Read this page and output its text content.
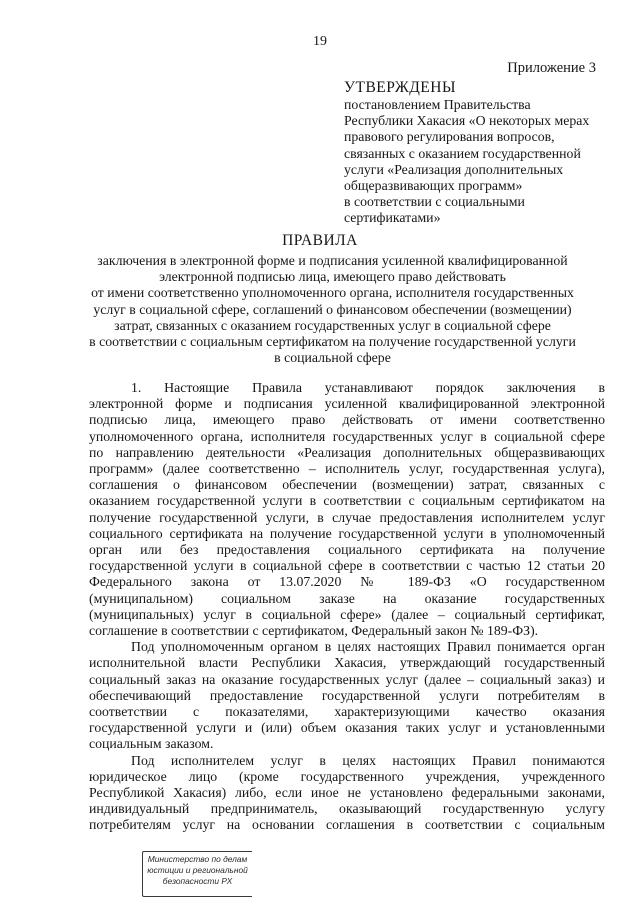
19
Приложение 3
УТВЕРЖДЕНЫ
постановлением Правительства
Республики Хакасия «О некоторых мерах
правового регулирования вопросов,
связанных с оказанием государственной
услуги «Реализация дополнительных
общеразвивающих программ»
в соответствии с социальными
сертификатами»
ПРАВИЛА
заключения в электронной форме и подписания усиленной квалифицированной
электронной подписью лица, имеющего право действовать
от имени соответственно уполномоченного органа, исполнителя государственных
услуг в социальной сфере, соглашений о финансовом обеспечении (возмещении)
затрат, связанных с оказанием государственных услуг в социальной сфере
в соответствии с социальным сертификатом на получение государственной услуги
в социальной сфере
1. Настоящие Правила устанавливают порядок заключения в
электронной форме и подписания усиленной квалифицированной электронной
подписью лица, имеющего право действовать от имени соответственно
уполномоченного органа, исполнителя государственных услуг в социальной сфере
по направлению деятельности «Реализация дополнительных общеразвивающих
программ» (далее соответственно – исполнитель услуг, государственная услуга),
соглашения о финансовом обеспечении (возмещении) затрат, связанных с
оказанием государственной услуги в соответствии с социальным сертификатом на
получение государственной услуги, в случае предоставления исполнителем услуг
социального сертификата на получение государственной услуги в уполномоченный
орган или без предоставления социального сертификата на получение
государственной услуги в социальной сфере в соответствии с частью 12 статьи 20
Федерального закона от 13.07.2020 № 189-ФЗ «О государственном
(муниципальном) социальном заказе на оказание государственных
(муниципальных) услуг в социальной сфере» (далее – социальный сертификат,
соглашение в соответствии с сертификатом, Федеральный закон № 189-ФЗ).
Под уполномоченным органом в целях настоящих Правил понимается орган
исполнительной власти Республики Хакасия, утверждающий государственный
социальный заказ на оказание государственных услуг (далее – социальный заказ) и
обеспечивающий предоставление государственной услуги потребителям в
соответствии с показателями, характеризующими качество оказания
государственной услуги и (или) объем оказания таких услуг и установленными
социальным заказом.
Под исполнителем услуг в целях настоящих Правил понимаются
юридическое лицо (кроме государственного учреждения, учрежденного
Республикой Хакасия) либо, если иное не установлено федеральными законами,
индивидуальный предприниматель, оказывающий государственную услугу
потребителям услуг на основании соглашения в соответствии с социальным
Министерство по делам
юстиции и региональной
безопасности РХ
